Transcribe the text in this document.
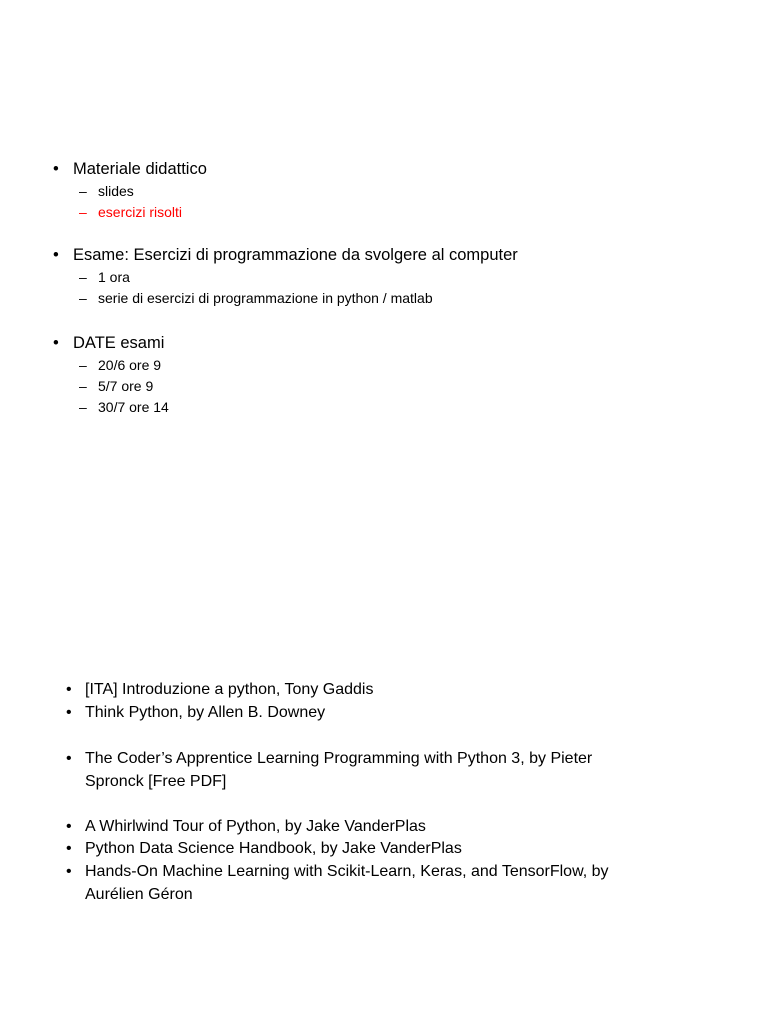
• Materiale didattico
– slides
– esercizi risolti
• Esame: Esercizi di programmazione da svolgere al computer
– 1 ora
– serie di esercizi di programmazione in python / matlab
• DATE esami
– 20/6 ore 9
– 5/7 ore 9
– 30/7 ore 14
• [ITA] Introduzione a python, Tony Gaddis
• Think Python, by Allen B. Downey
• The Coder’s Apprentice Learning Programming with Python 3, by Pieter Spronck [Free PDF]
• A Whirlwind Tour of Python, by Jake VanderPlas
• Python Data Science Handbook, by Jake VanderPlas
• Hands-On Machine Learning with Scikit-Learn, Keras, and TensorFlow, by Aurélien Géron
